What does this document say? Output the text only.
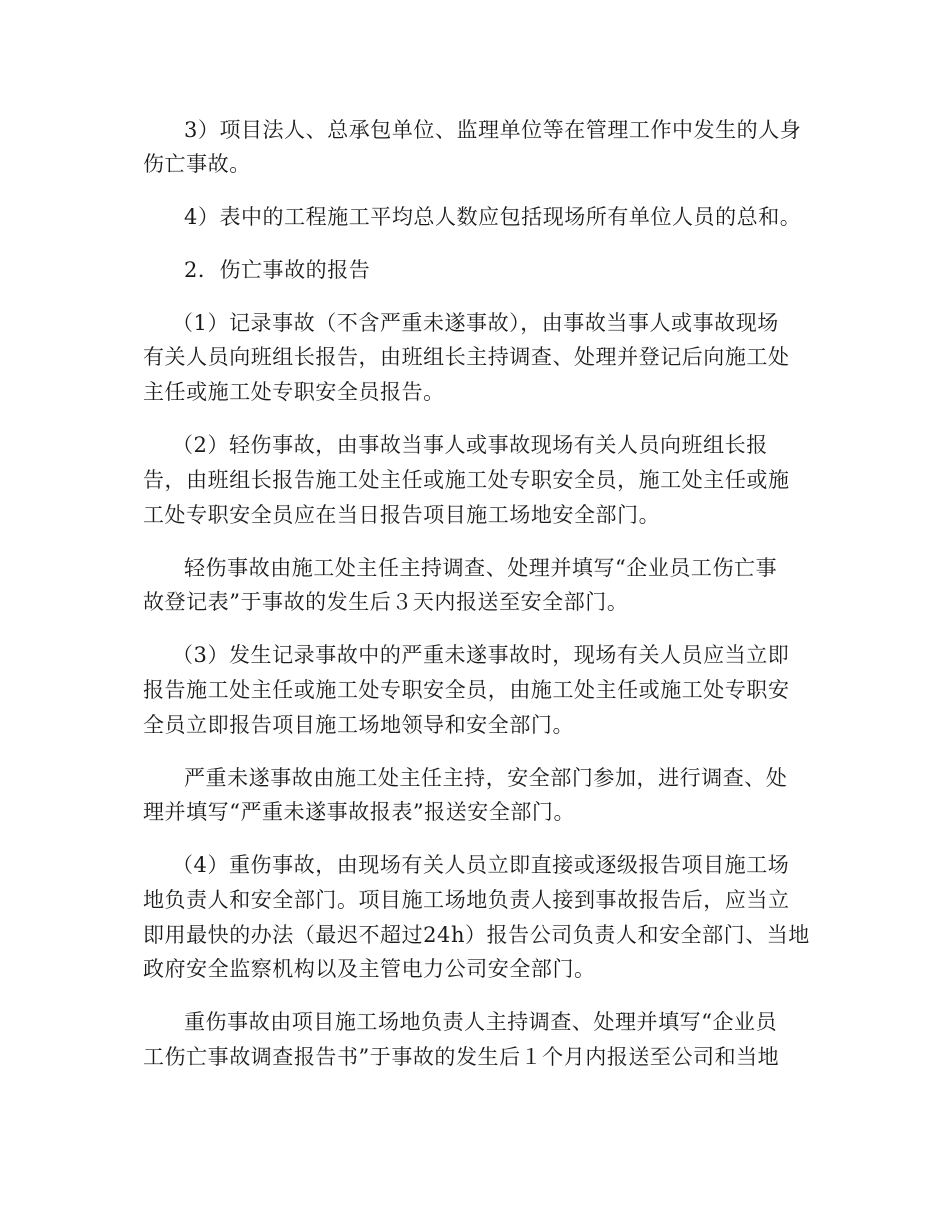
3）项目法人、总承包单位、监理单位等在管理工作中发生的人身
伤亡事故。
4）表中的工程施工平均总人数应包括现场所有单位人员的总和。
2．伤亡事故的报告
（1）记录事故（不含严重未遂事故），由事故当事人或事故现场
有关人员向班组长报告，由班组长主持调查、处理并登记后向施工处
主任或施工处专职安全员报告。
（2）轻伤事故，由事故当事人或事故现场有关人员向班组长报
告，由班组长报告施工处主任或施工处专职安全员，施工处主任或施
工处专职安全员应在当日报告项目施工场地安全部门。
轻伤事故由施工处主任主持调查、处理并填写“企业员工伤亡事
故登记表”于事故的发生后３天内报送至安全部门。
（3）发生记录事故中的严重未遂事故时，现场有关人员应当立即
报告施工处主任或施工处专职安全员，由施工处主任或施工处专职安
全员立即报告项目施工场地领导和安全部门。
严重未遂事故由施工处主任主持，安全部门参加，进行调查、处
理并填写“严重未遂事故报表”报送安全部门。
（4）重伤事故，由现场有关人员立即直接或逐级报告项目施工场
地负责人和安全部门。项目施工场地负责人接到事故报告后，应当立
即用最快的办法（最迟不超过24h）报告公司负责人和安全部门、当地
政府安全监察机构以及主管电力公司安全部门。
重伤事故由项目施工场地负责人主持调查、处理并填写“企业员
工伤亡事故调查报告书”于事故的发生后１个月内报送至公司和当地
